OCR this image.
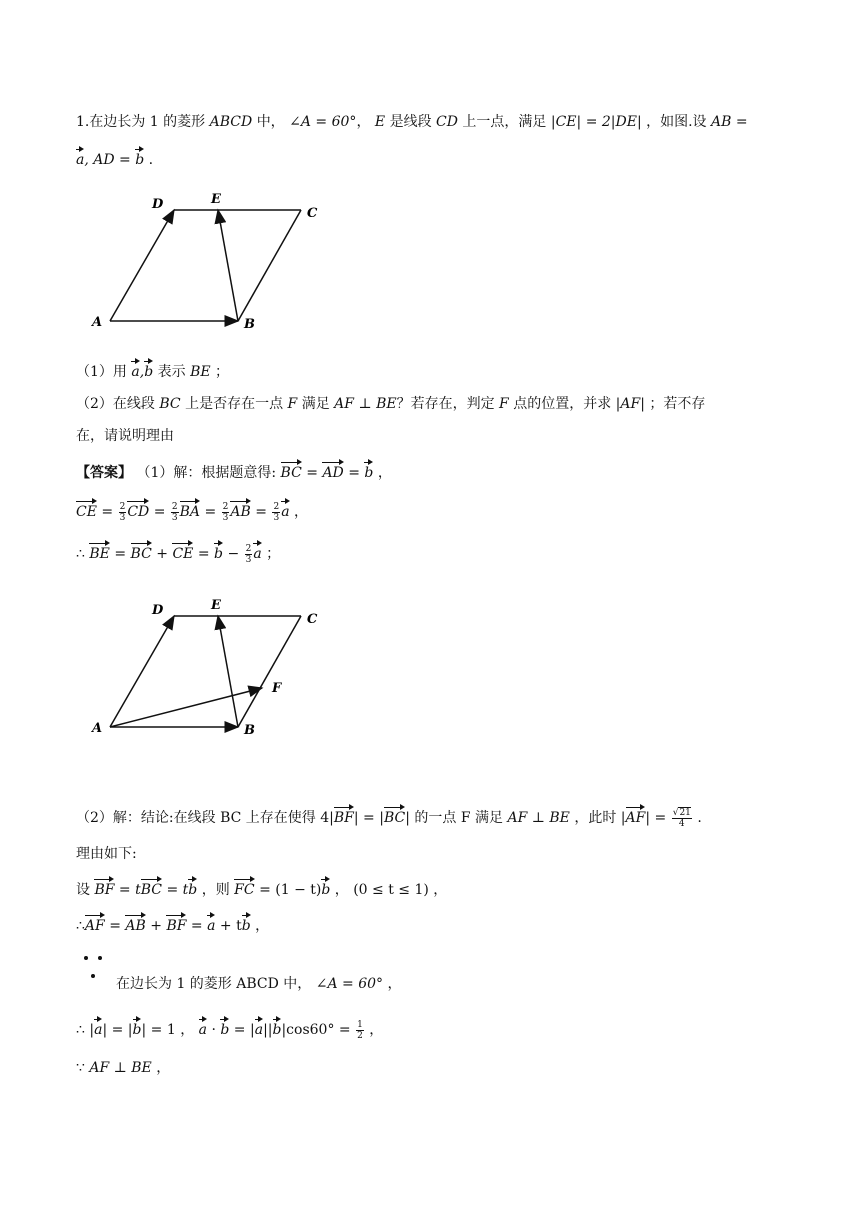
1.在边长为 1 的菱形 ABCD 中， ∠A = 60°， E 是线段 CD 上一点，满足 |CE| = 2|DE| ，如图.设 AB =
a, AD = b .
D	E
C
A	B
（1）用 a,b 表示 BE ；
（2）在线段 BC 上是否存在一点 F 满足 AF ⊥ BE？若存在，判定 F 点的位置，并求 |AF| ；若不存
在，请说明理由
【答案】 （1）解：根据题意得: BC = AD = b ，
CE = $\frac{2}{3}$ CD = $\frac{2}{3}$ BA = $\frac{2}{3}$ AB = $\frac{2}{3}$ a ，
∴ BE = BC + CE = $b - \frac{2}{3}$ a ；
D	E
C
F
A	B
（2）解：结论:在线段 BC 上存在使得 4|BF| = |BC| 的一点 F 满足 AF ⊥ BE ，此时 $|AF| = \frac{√21}{4}$ .
理由如下:
设 BF = tBC = tb ，则 FC = (1 − t)b ， (0 ≤ t ≤ 1) ，
∴AF = AB + BF = a + tb ，
在边长为 1 的菱形 ABCD 中， ∠A = 60° ，
∴ |a| = |b| = 1 ， $a \cdot b = |a||b|\cos 60^\circ = \frac{1}{2}$ ，
∵ AF ⊥ BE ，
